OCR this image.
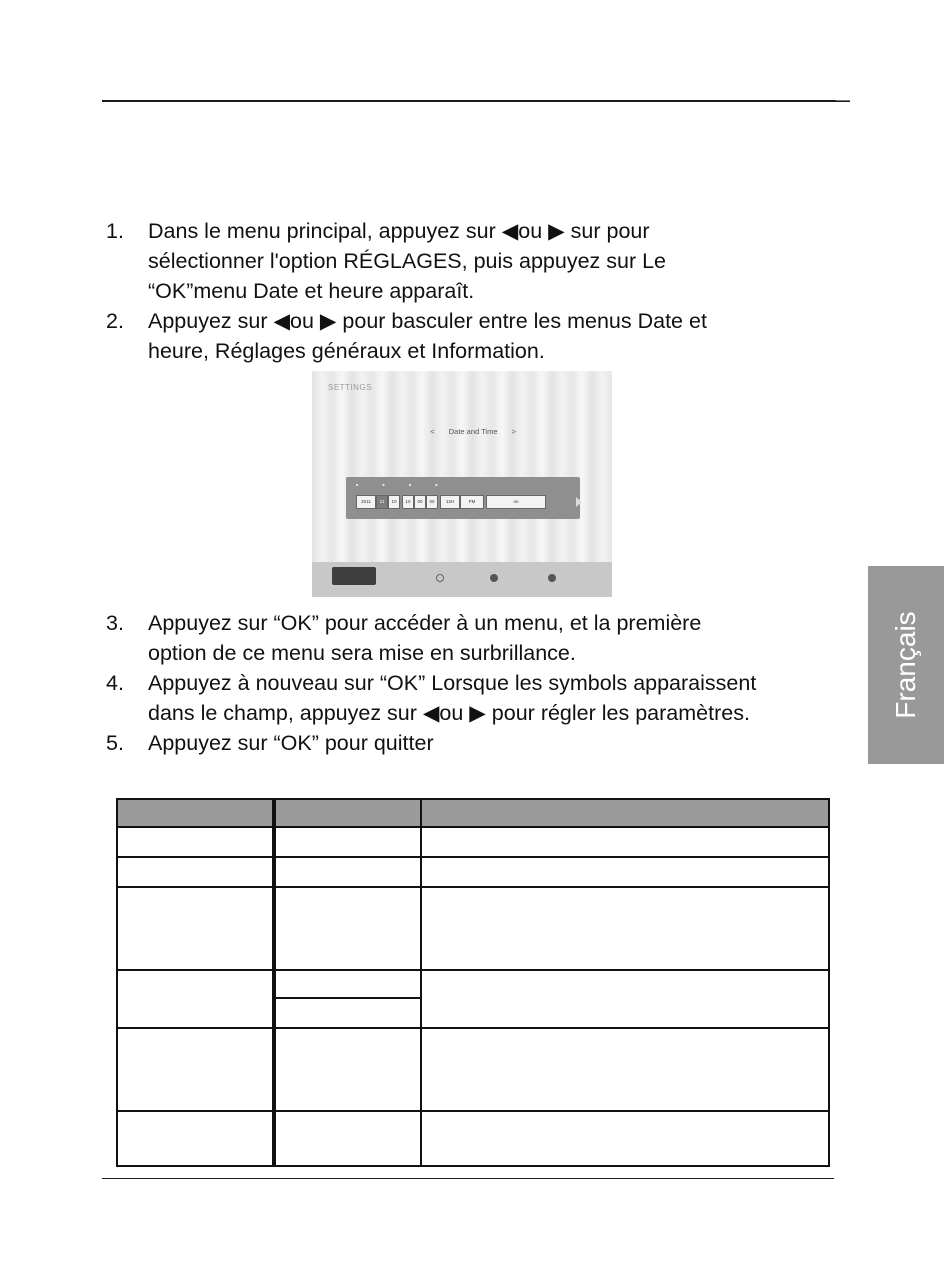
1. Dans le menu principal, appuyez sur ◀ou ▶ sur pour
sélectionner l'option RÉGLAGES, puis appuyez sur Le
“OK”menu Date et heure apparaît.
2. Appuyez sur ◀ou ▶ pour basculer entre les menus Date et
heure, Réglages généraux et Information.
3. Appuyez sur “OK” pour accéder à un menu, et la première
option de ce menu sera mise en surbrillance.
4. Appuyez à nouveau sur “OK” Lorsque les symbols apparaissent
dans le champ, appuyez sur ◀ou ▶ pour régler les paramètres.
5. Appuyez sur “OK” pour quitter
SETTINGS
< Date and Time >
■	■	■	■
2011	11	10	10	00	00	12H	PM	on
Français
